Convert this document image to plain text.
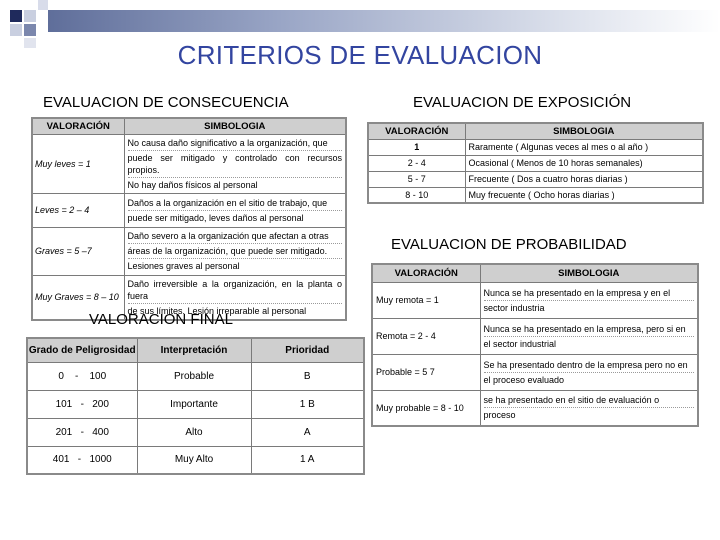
CRITERIOS DE EVALUACION
EVALUACION DE CONSECUENCIA
VALORACIÓN	SIMBOLOGIA
Muy leves = 1	No causa daño significativo a la organización, que
puede ser mitigado y controlado con recursos propios.
No hay daños físicos al personal

Leves = 2 – 4	Daños a la organización en el sitio de trabajo, que
puede ser mitigado, leves daños al personal

Graves = 5 –7	Daño severo a la organización que afectan a otras
áreas de la organización, que puede ser mitigado.
Lesiones graves al personal

Muy Graves = 8 – 10	Daño irreversible a la organización, en la planta o fuera
de sus límites. Lesión irreparable al personal
EVALUACION DE EXPOSICIÓN
VALORACIÓN	SIMBOLOGIA
1	Raramente ( Algunas veces al mes o al año )
2 - 4	Ocasional ( Menos de 10 horas semanales)
5 - 7	Frecuente ( Dos a cuatro horas diarias )
8 - 10	Muy frecuente ( Ocho horas diarias )
EVALUACION DE PROBABILIDAD
VALORACIÓN	SIMBOLOGIA
Muy remota = 1	Nunca se ha presentado en la empresa y en el
sector industria

Remota = 2 - 4	Nunca se ha presentado en la empresa, pero si en
el sector industrial

Probable = 5 7	Se ha presentado dentro de la empresa pero no en
el proceso evaluado

Muy probable = 8 - 10	se ha presentado en el sitio de evaluación o
proceso
VALORACION FINAL
Grado de Peligrosidad	Interpretación	Prioridad
0    -    100	Probable	B
101   -   200	Importante	1 B
201   -   400	Alto	A
401   -   1000	Muy Alto	1 A
